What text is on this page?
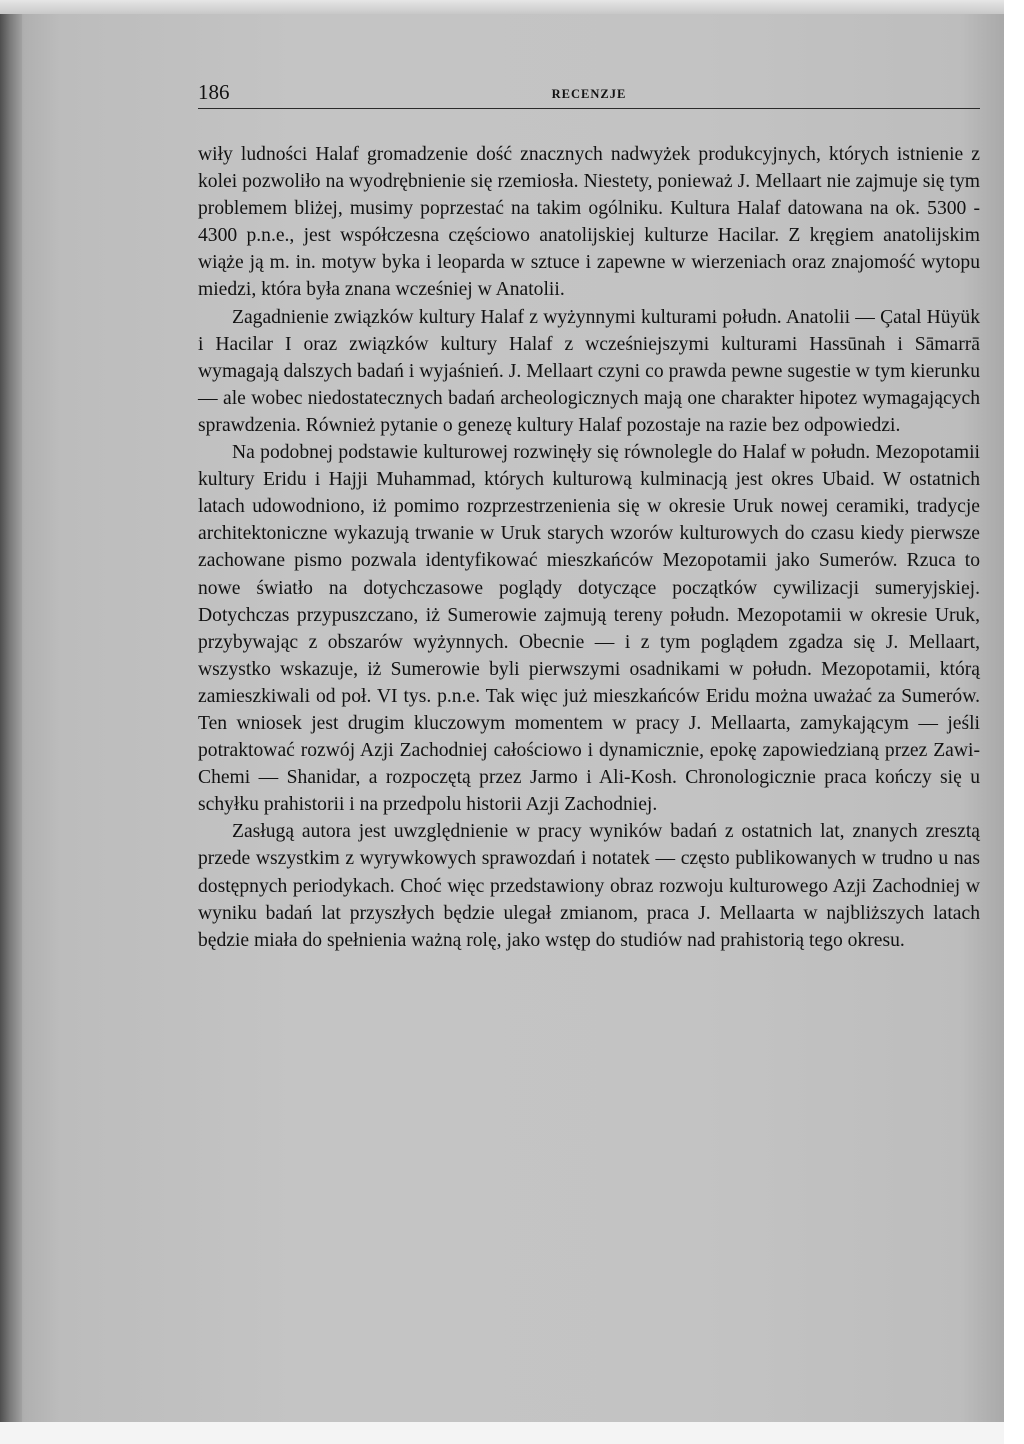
186	RECENZJE

wiły ludności Halaf gromadzenie dość znacznych nadwyżek produkcyjnych, których istnienie z kolei pozwoliło na wyodrębnienie się rzemiosła. Niestety, ponieważ J. Mellaart nie zajmuje się tym problemem bliżej, musimy poprzestać na takim ogólniku. Kultura Halaf datowana na ok. 5300 - 4300 p.n.e., jest współczesna częściowo anatolijskiej kulturze Hacilar. Z kręgiem anatolijskim wiąże ją m. in. motyw byka i leoparda w sztuce i zapewne w wierzeniach oraz znajomość wytopu miedzi, która była znana wcześniej w Anatolii.

Zagadnienie związków kultury Halaf z wyżynnymi kulturami połudn. Anatolii — Çatal Hüyük i Hacilar I oraz związków kultury Halaf z wcześniejszymi kulturami Hassūnah i Sāmarrā wymagają dalszych badań i wyjaśnień. J. Mellaart czyni co prawda pewne sugestie w tym kierunku — ale wobec niedostatecznych badań archeologicznych mają one charakter hipotez wymagających sprawdzenia. Również pytanie o genezę kultury Halaf pozostaje na razie bez odpowiedzi.

Na podobnej podstawie kulturowej rozwinęły się równolegle do Halaf w połudn. Mezopotamii kultury Eridu i Hajji Muhammad, których kulturową kulminacją jest okres Ubaid. W ostatnich latach udowodniono, iż pomimo rozprzestrzenienia się w okresie Uruk nowej ceramiki, tradycje architektoniczne wykazują trwanie w Uruk starych wzorów kulturowych do czasu kiedy pierwsze zachowane pismo pozwala identyfikować mieszkańców Mezopotamii jako Sumerów. Rzuca to nowe światło na dotychczasowe poglądy dotyczące początków cywilizacji sumeryjskiej. Dotychczas przypuszczano, iż Sumerowie zajmują tereny połudn. Mezopotamii w okresie Uruk, przybywając z obszarów wyżynnych. Obecnie — i z tym poglądem zgadza się J. Mellaart, wszystko wskazuje, iż Sumerowie byli pierwszymi osadnikami w połudn. Mezopotamii, którą zamieszkiwali od poł. VI tys. p.n.e. Tak więc już mieszkańców Eridu można uważać za Sumerów. Ten wniosek jest drugim kluczowym momentem w pracy J. Mellaarta, zamykającym — jeśli potraktować rozwój Azji Zachodniej całościowo i dynamicznie, epokę zapowiedzianą przez Zawi-Chemi — Shanidar, a rozpoczętą przez Jarmo i Ali-Kosh. Chronologicznie praca kończy się u schyłku prahistorii i na przedpolu historii Azji Zachodniej.

Zasługą autora jest uwzględnienie w pracy wyników badań z ostatnich lat, znanych zresztą przede wszystkim z wyrywkowych sprawozdań i notatek — często publikowanych w trudno u nas dostępnych periodykach. Choć więc przedstawiony obraz rozwoju kulturowego Azji Zachodniej w wyniku badań lat przyszłych będzie ulegał zmianom, praca J. Mellaarta w najbliższych latach będzie miała do spełnienia ważną rolę, jako wstęp do studiów nad prahistorią tego okresu.
